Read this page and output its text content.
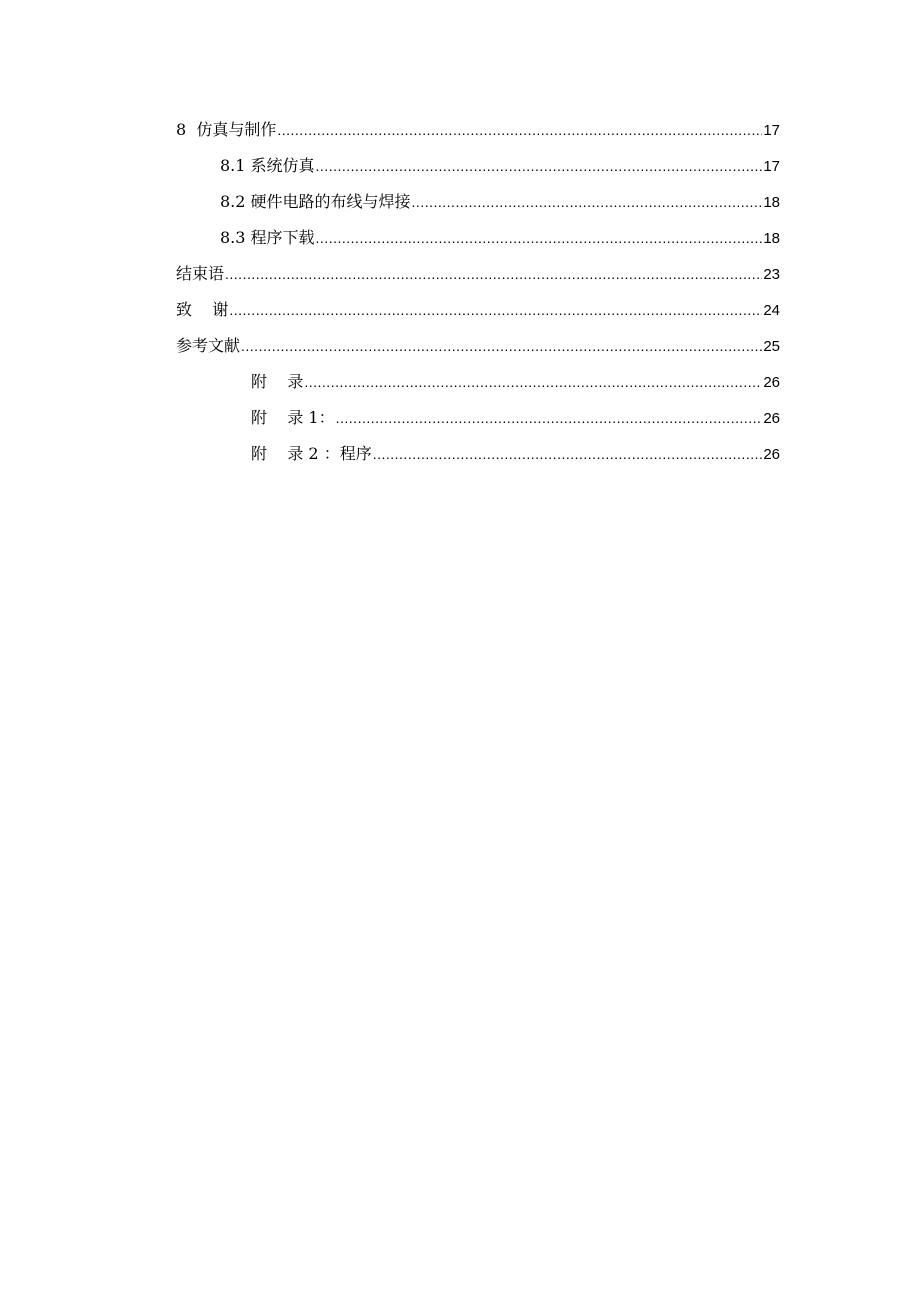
8  仿真与制作 .....	17
8.1 系统仿真 .....	17
8.2 硬件电路的布线与焊接 .....	18
8.3 程序下载 .....	18
结束语 .....	23
致    谢 .....	24
参考文献 .....	25
附    录 .....	26
附    录 1： .....	26
附    录 2 ：程序 .....	26
